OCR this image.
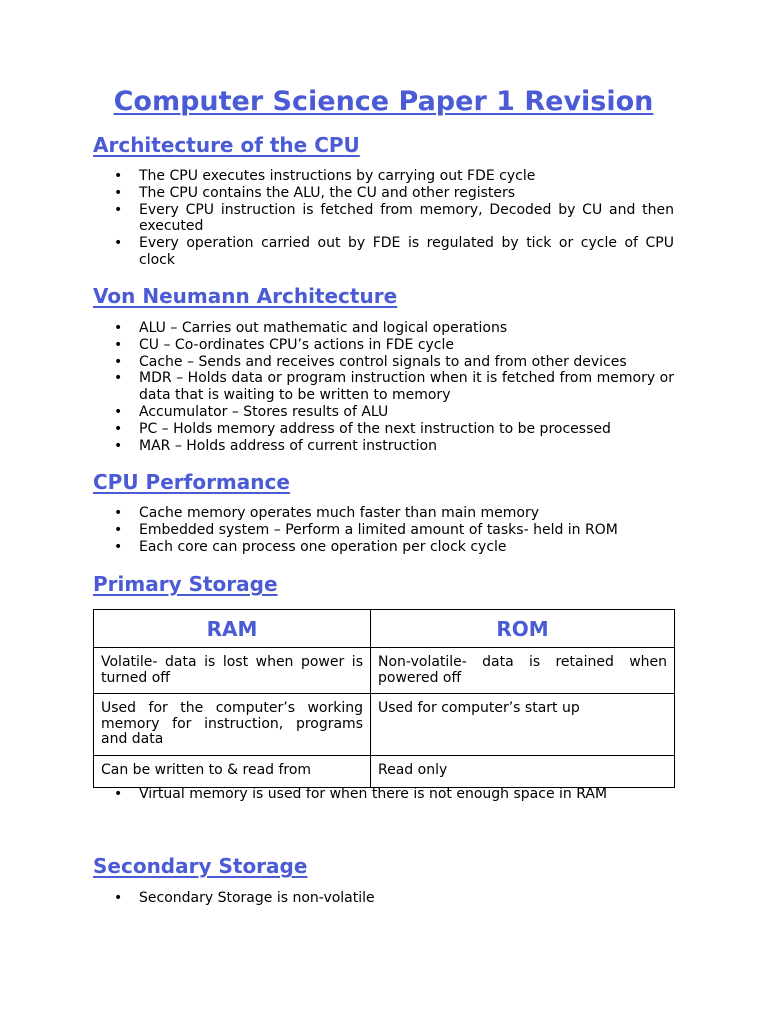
Computer Science Paper 1 Revision
Architecture of the CPU
• The CPU executes instructions by carrying out FDE cycle
• The CPU contains the ALU, the CU and other registers
• Every CPU instruction is fetched from memory, Decoded by CU and then executed
• Every operation carried out by FDE is regulated by tick or cycle of CPU clock
Von Neumann Architecture
• ALU – Carries out mathematic and logical operations
• CU – Co-ordinates CPU’s actions in FDE cycle
• Cache – Sends and receives control signals to and from other devices
• MDR – Holds data or program instruction when it is fetched from memory or data that is waiting to be written to memory
• Accumulator – Stores results of ALU
• PC – Holds memory address of the next instruction to be processed
• MAR – Holds address of current instruction
CPU Performance
• Cache memory operates much faster than main memory
• Embedded system – Perform a limited amount of tasks- held in ROM
• Each core can process one operation per clock cycle
Primary Storage
RAM	ROM
Volatile- data is lost when power is turned off	Non-volatile- data is retained when powered off
Used for the computer’s working memory for instruction, programs and data	Used for computer’s start up
Can be written to & read from	Read only
• Virtual memory is used for when there is not enough space in RAM
Secondary Storage
• Secondary Storage is non-volatile
